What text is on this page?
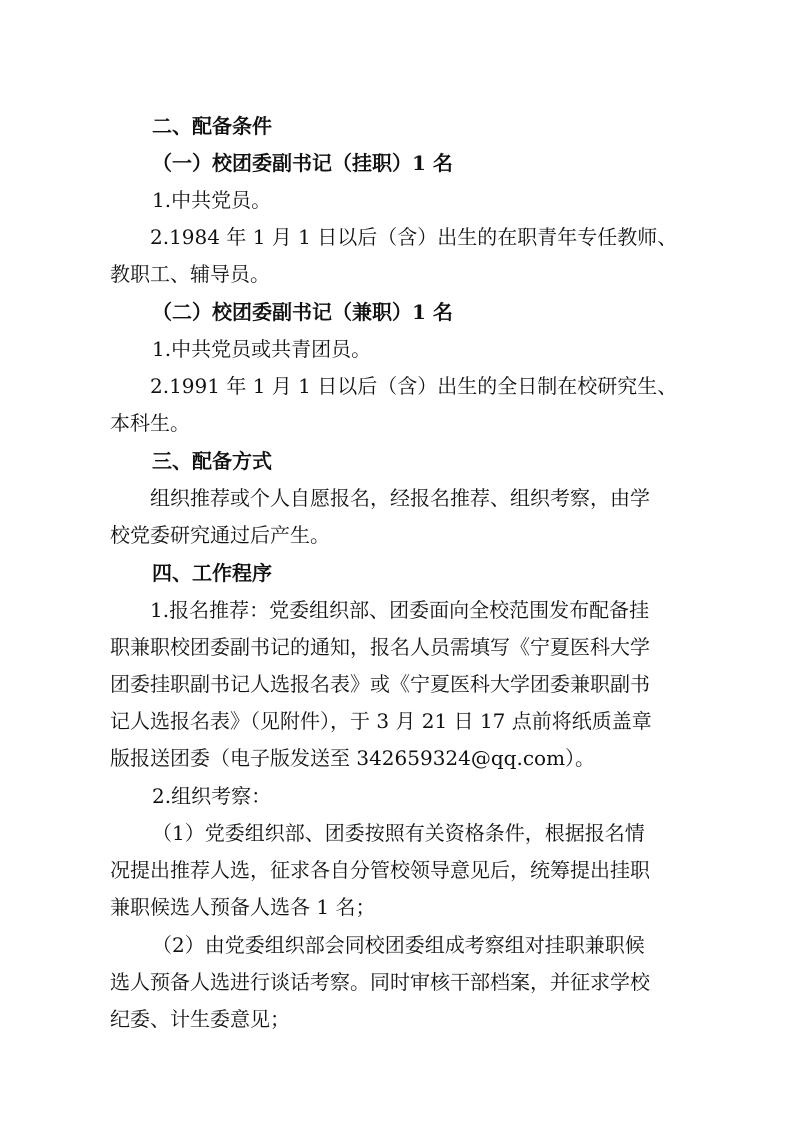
二、配备条件
（一）校团委副书记（挂职）1 名
1.中共党员。
2.1984 年 1 月 1 日以后（含）出生的在职青年专任教师、
教职工、辅导员。
（二）校团委副书记（兼职）1 名
1.中共党员或共青团员。
2.1991 年 1 月 1 日以后（含）出生的全日制在校研究生、
本科生。
三、配备方式
组织推荐或个人自愿报名，经报名推荐、组织考察，由学
校党委研究通过后产生。
四、工作程序
1.报名推荐：党委组织部、团委面向全校范围发布配备挂
职兼职校团委副书记的通知，报名人员需填写《宁夏医科大学
团委挂职副书记人选报名表》或《宁夏医科大学团委兼职副书
记人选报名表》（见附件），于 3 月 21 日 17 点前将纸质盖章
版报送团委（电子版发送至 342659324@qq.com）。
2.组织考察：
（1）党委组织部、团委按照有关资格条件，根据报名情
况提出推荐人选，征求各自分管校领导意见后，统筹提出挂职
兼职候选人预备人选各 1 名；
（2）由党委组织部会同校团委组成考察组对挂职兼职候
选人预备人选进行谈话考察。同时审核干部档案，并征求学校
纪委、计生委意见；
